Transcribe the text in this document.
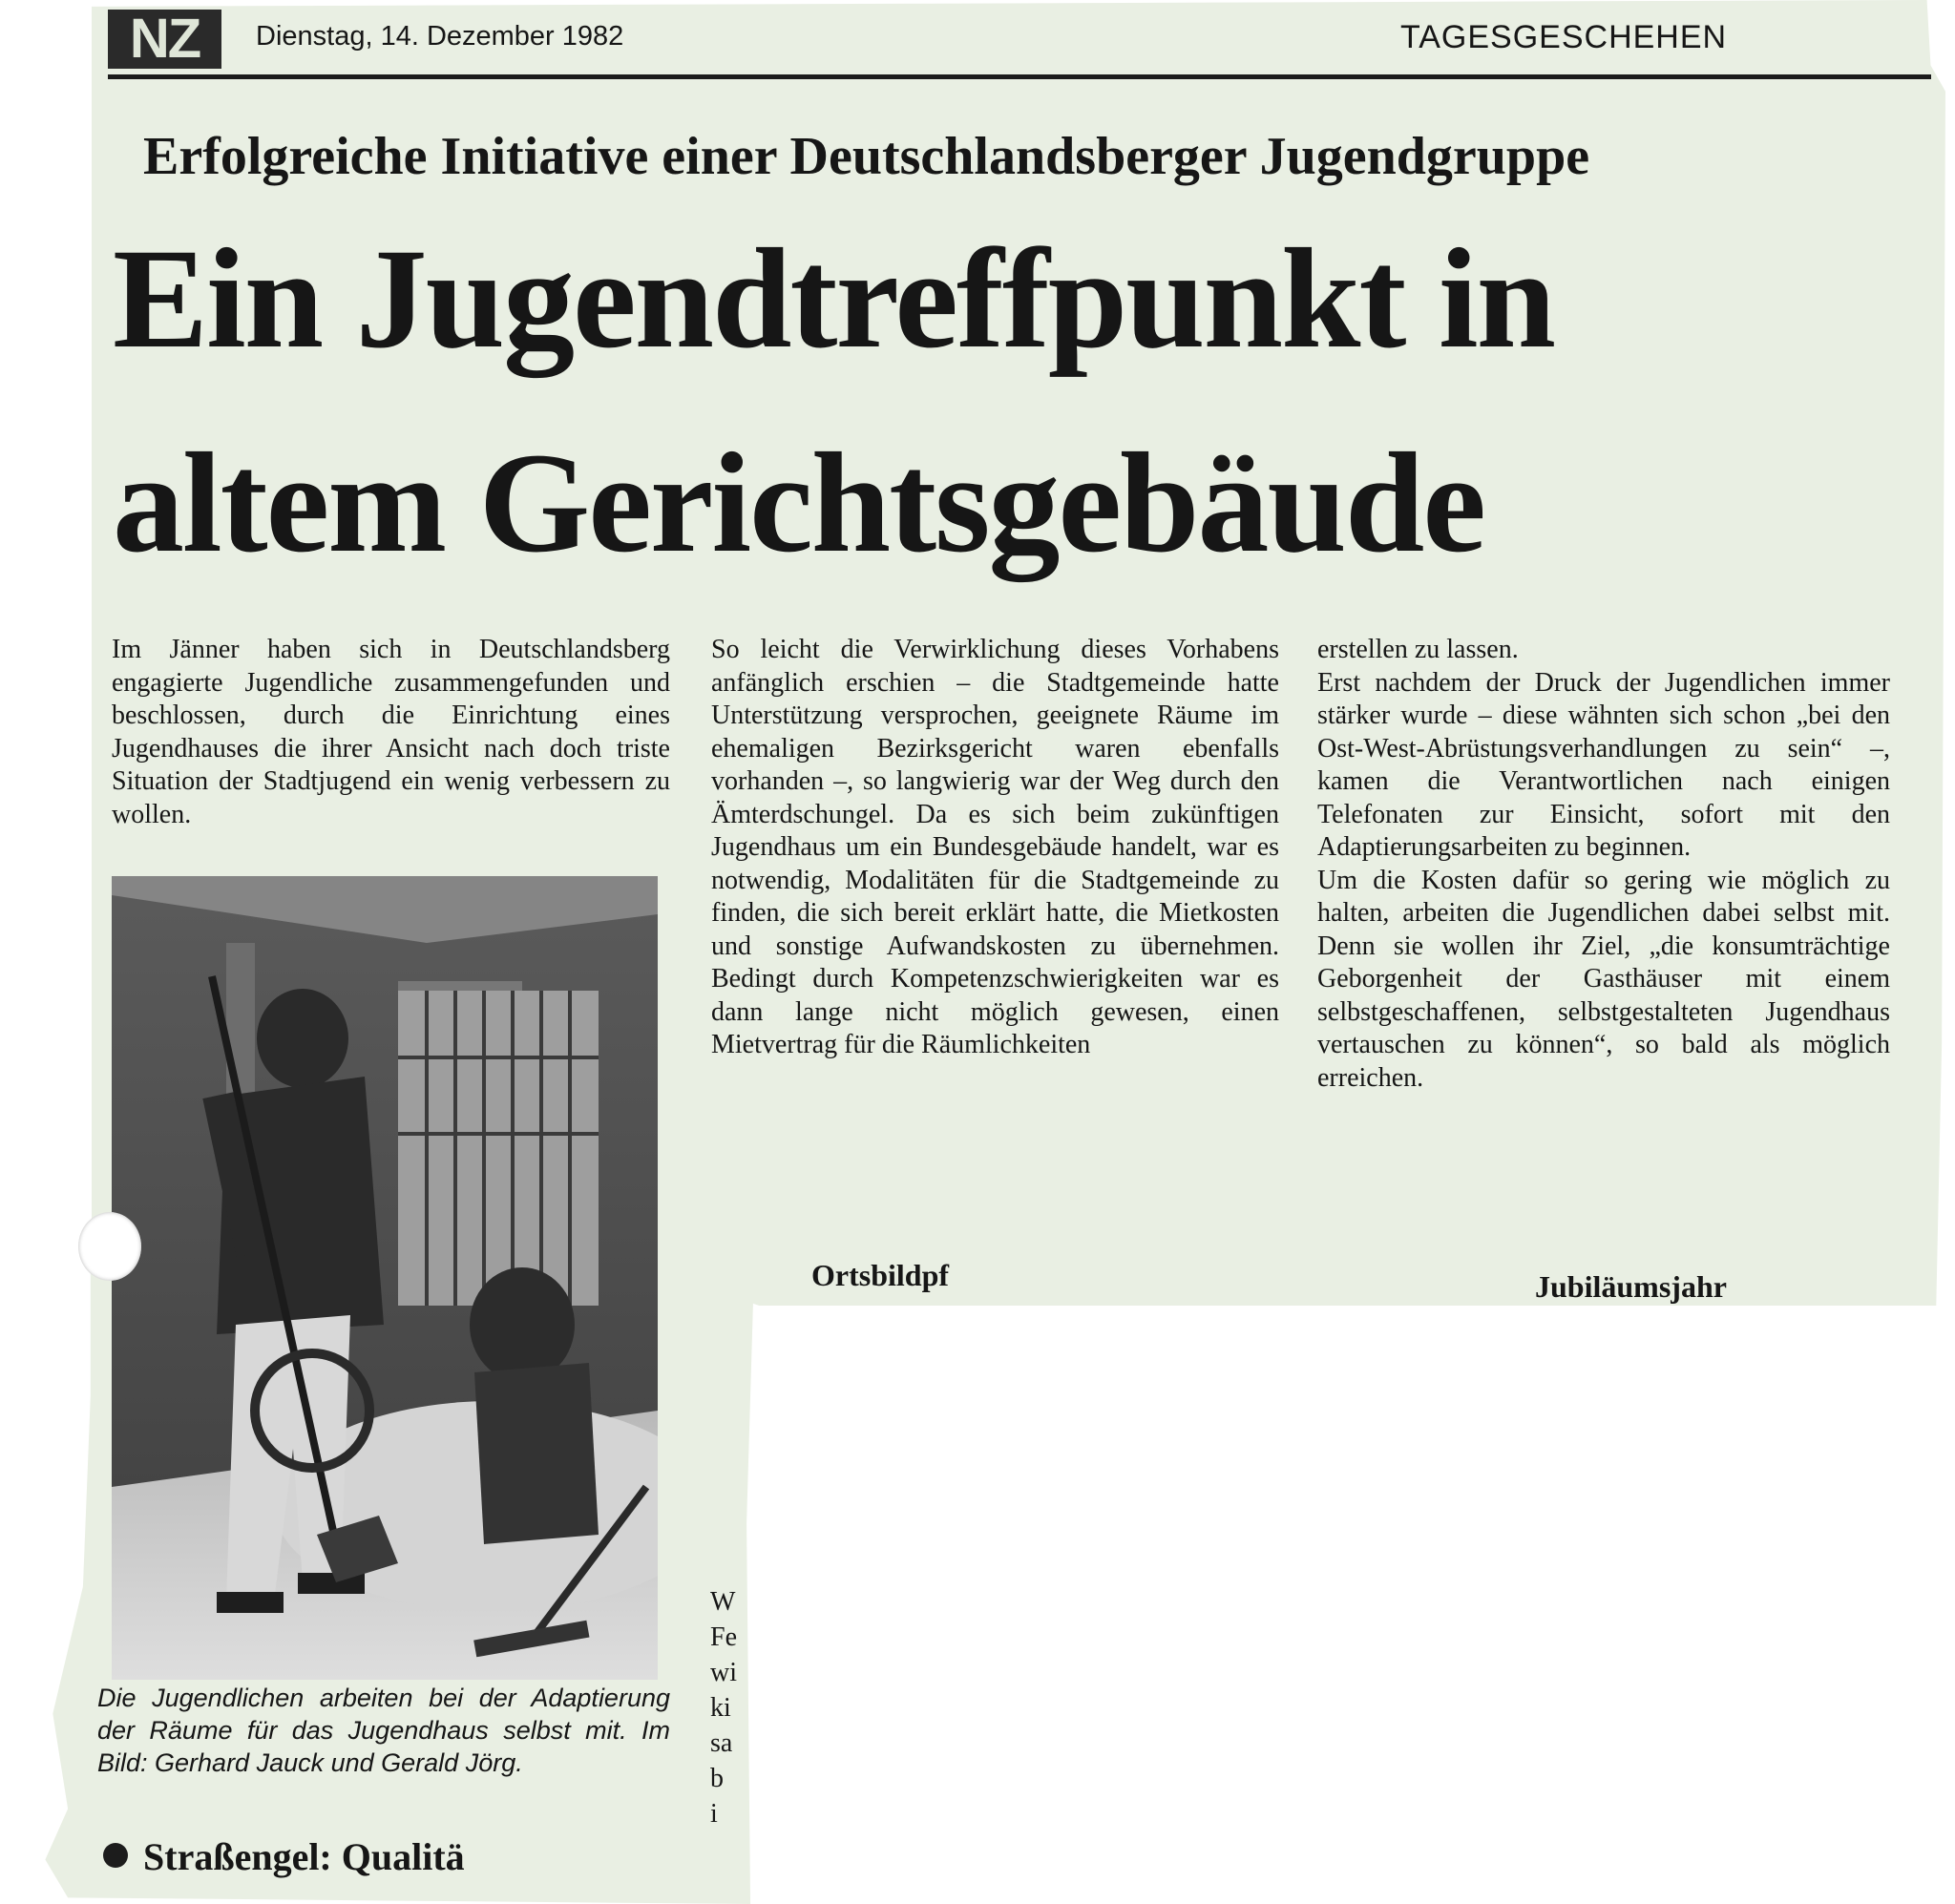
NZ	Dienstag, 14. Dezember 1982	TAGESGESCHEHEN
Erfolgreiche Initiative einer Deutschlandsberger Jugendgruppe
Ein Jugendtreffpunkt in
altem Gerichtsgebäude

Im Jänner haben sich in Deutschlandsberg engagierte Jugendliche zusammengefunden und beschlossen, durch die Einrichtung eines Jugendhauses die ihrer Ansicht nach doch triste Situation der Stadtjugend ein wenig verbessern zu wollen.

So leicht die Verwirklichung dieses Vorhabens anfänglich erschien – die Stadtgemeinde hatte Unterstützung versprochen, geeignete Räume im ehemaligen Bezirksgericht waren ebenfalls vorhanden –, so langwierig war der Weg durch den Ämterdschungel. Da es sich beim zukünftigen Jugendhaus um ein Bundesgebäude handelt, war es notwendig, Modalitäten für die Stadtgemeinde zu finden, die sich bereit erklärt hatte, die Mietkosten und sonstige Aufwandskosten zu übernehmen. Bedingt durch Kompetenzschwierigkeiten war es dann lange nicht möglich gewesen, einen Mietvertrag für die Räumlichkeiten

erstellen zu lassen.

Erst nachdem der Druck der Jugendlichen immer stärker wurde – diese wähnten sich schon „bei den Ost-West-Abrüstungsverhandlungen zu sein“ –, kamen die Verantwortlichen nach einigen Telefonaten zur Einsicht, sofort mit den Adaptierungsarbeiten zu beginnen.

Um die Kosten dafür so gering wie möglich zu halten, arbeiten die Jugendlichen dabei selbst mit. Denn sie wollen ihr Ziel, „die konsumträchtige Geborgenheit der Gasthäuser mit einem selbstgeschaffenen, selbstgestalteten Jugendhaus vertauschen zu können“, so bald als möglich erreichen.

Die Jugendlichen arbeiten bei der Adaptierung der Räume für das Jugendhaus selbst mit. Im Bild: Gerhard Jauck und Gerald Jörg.
Ortsbildpf	Jubiläumsjahr
W
Fe
wi
ki
sa
b
i
Straßengel: Qualitä
